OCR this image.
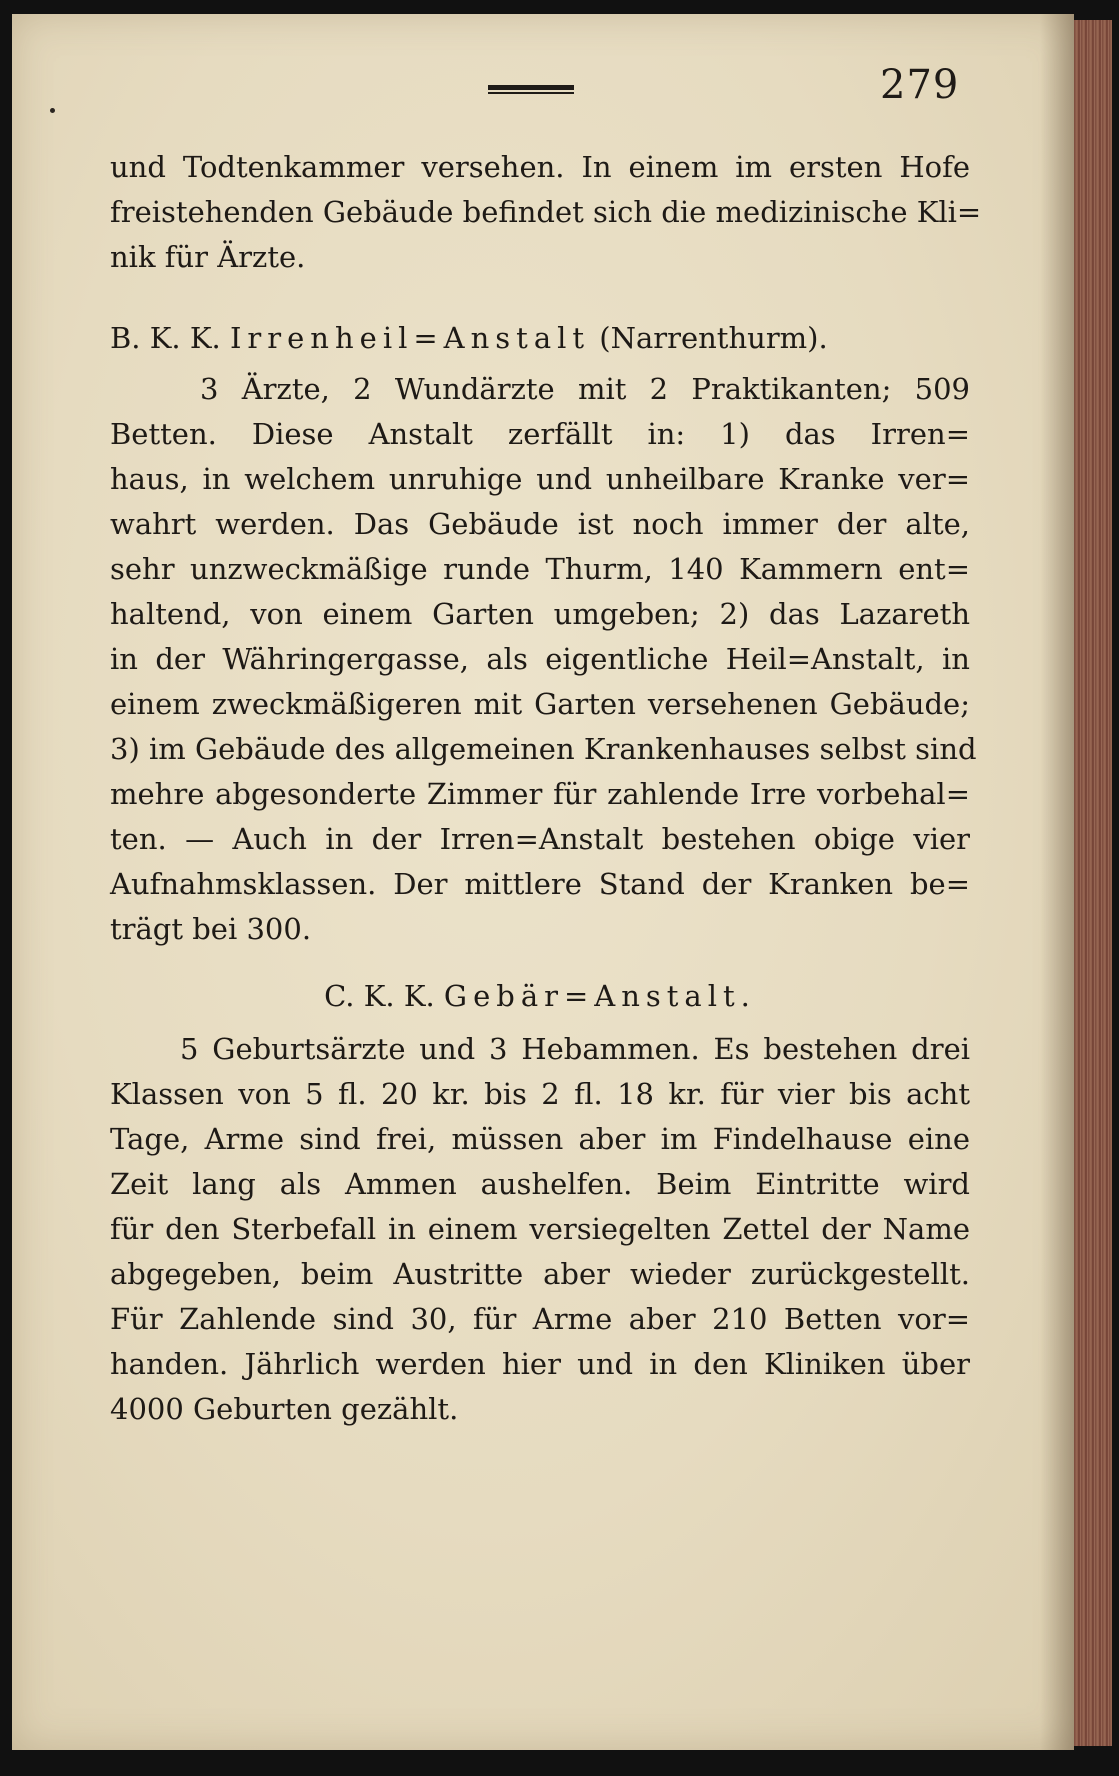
279
und Todtenkammer versehen. In einem im ersten Hofe
freistehenden Gebäude befindet sich die medizinische Kli=
nik für Ärzte.
B. K. K. Irrenheil=Anstalt (Narrenthurm).
3 Ärzte, 2 Wundärzte mit 2 Praktikanten; 509
Betten. Diese Anstalt zerfällt in: 1) das Irren=
haus, in welchem unruhige und unheilbare Kranke ver=
wahrt werden. Das Gebäude ist noch immer der alte,
sehr unzweckmäßige runde Thurm, 140 Kammern ent=
haltend, von einem Garten umgeben; 2) das Lazareth
in der Währingergasse, als eigentliche Heil=Anstalt, in
einem zweckmäßigeren mit Garten versehenen Gebäude;
3) im Gebäude des allgemeinen Krankenhauses selbst sind
mehre abgesonderte Zimmer für zahlende Irre vorbehal=
ten. — Auch in der Irren=Anstalt bestehen obige vier
Aufnahmsklassen. Der mittlere Stand der Kranken be=
trägt bei 300.
C. K. K. Gebär=Anstalt.
5 Geburtsärzte und 3 Hebammen. Es bestehen drei
Klassen von 5 fl. 20 kr. bis 2 fl. 18 kr. für vier bis acht
Tage, Arme sind frei, müssen aber im Findelhause eine
Zeit lang als Ammen aushelfen. Beim Eintritte wird
für den Sterbefall in einem versiegelten Zettel der Name
abgegeben, beim Austritte aber wieder zurückgestellt.
Für Zahlende sind 30, für Arme aber 210 Betten vor=
handen. Jährlich werden hier und in den Kliniken über
4000 Geburten gezählt.
